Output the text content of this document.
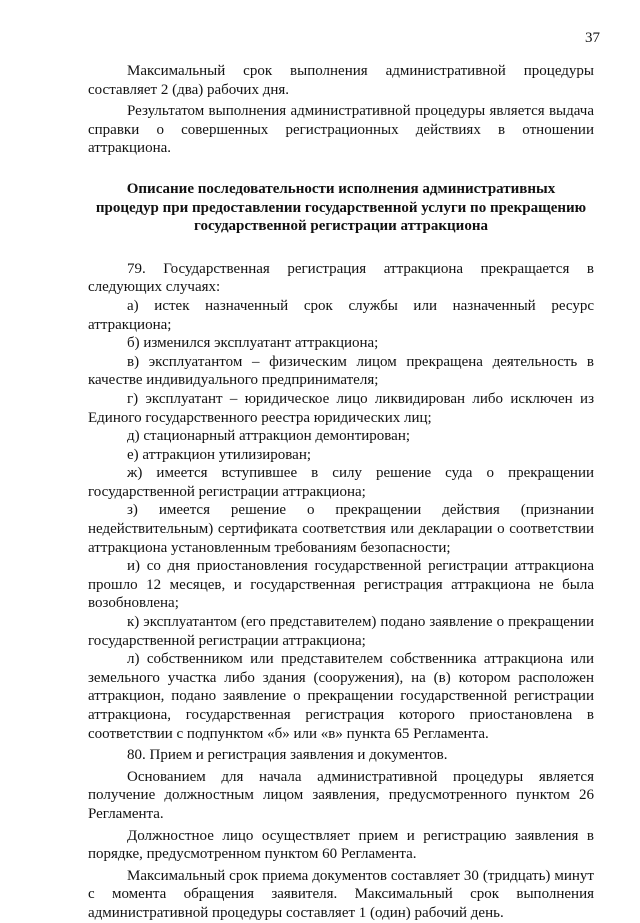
37

Максимальный срок выполнения административной процедуры составляет 2 (два) рабочих дня.

Результатом выполнения административной процедуры является выдача справки о совершенных регистрационных действиях в отношении аттракциона.

Описание последовательности исполнения административных
процедур при предоставлении государственной услуги по прекращению
государственной регистрации аттракциона

79. Государственная регистрация аттракциона прекращается в следующих случаях:

а) истек назначенный срок службы или назначенный ресурс аттракциона;

б) изменился эксплуатант аттракциона;

в) эксплуатантом – физическим лицом прекращена деятельность в качестве индивидуального предпринимателя;

г) эксплуатант – юридическое лицо ликвидирован либо исключен из Единого государственного реестра юридических лиц;

д) стационарный аттракцион демонтирован;

е) аттракцион утилизирован;

ж) имеется вступившее в силу решение суда о прекращении государственной регистрации аттракциона;

з) имеется решение о прекращении действия (признании недействительным) сертификата соответствия или декларации о соответствии аттракциона установленным требованиям безопасности;

и) со дня приостановления государственной регистрации аттракциона прошло 12 месяцев, и государственная регистрация аттракциона не была возобновлена;

к) эксплуатантом (его представителем) подано заявление о прекращении государственной регистрации аттракциона;

л) собственником или представителем собственника аттракциона или земельного участка либо здания (сооружения), на (в) котором расположен аттракцион, подано заявление о прекращении государственной регистрации аттракциона, государственная регистрация которого приостановлена в соответствии с подпунктом «б» или «в» пункта 65 Регламента.

80. Прием и регистрация заявления и документов.

Основанием для начала административной процедуры является получение должностным лицом заявления, предусмотренного пунктом 26 Регламента.

Должностное лицо осуществляет прием и регистрацию заявления в порядке, предусмотренном пунктом 60 Регламента.

Максимальный срок приема документов составляет 30 (тридцать) минут с момента обращения заявителя. Максимальный срок выполнения административной процедуры составляет 1 (один) рабочий день.
